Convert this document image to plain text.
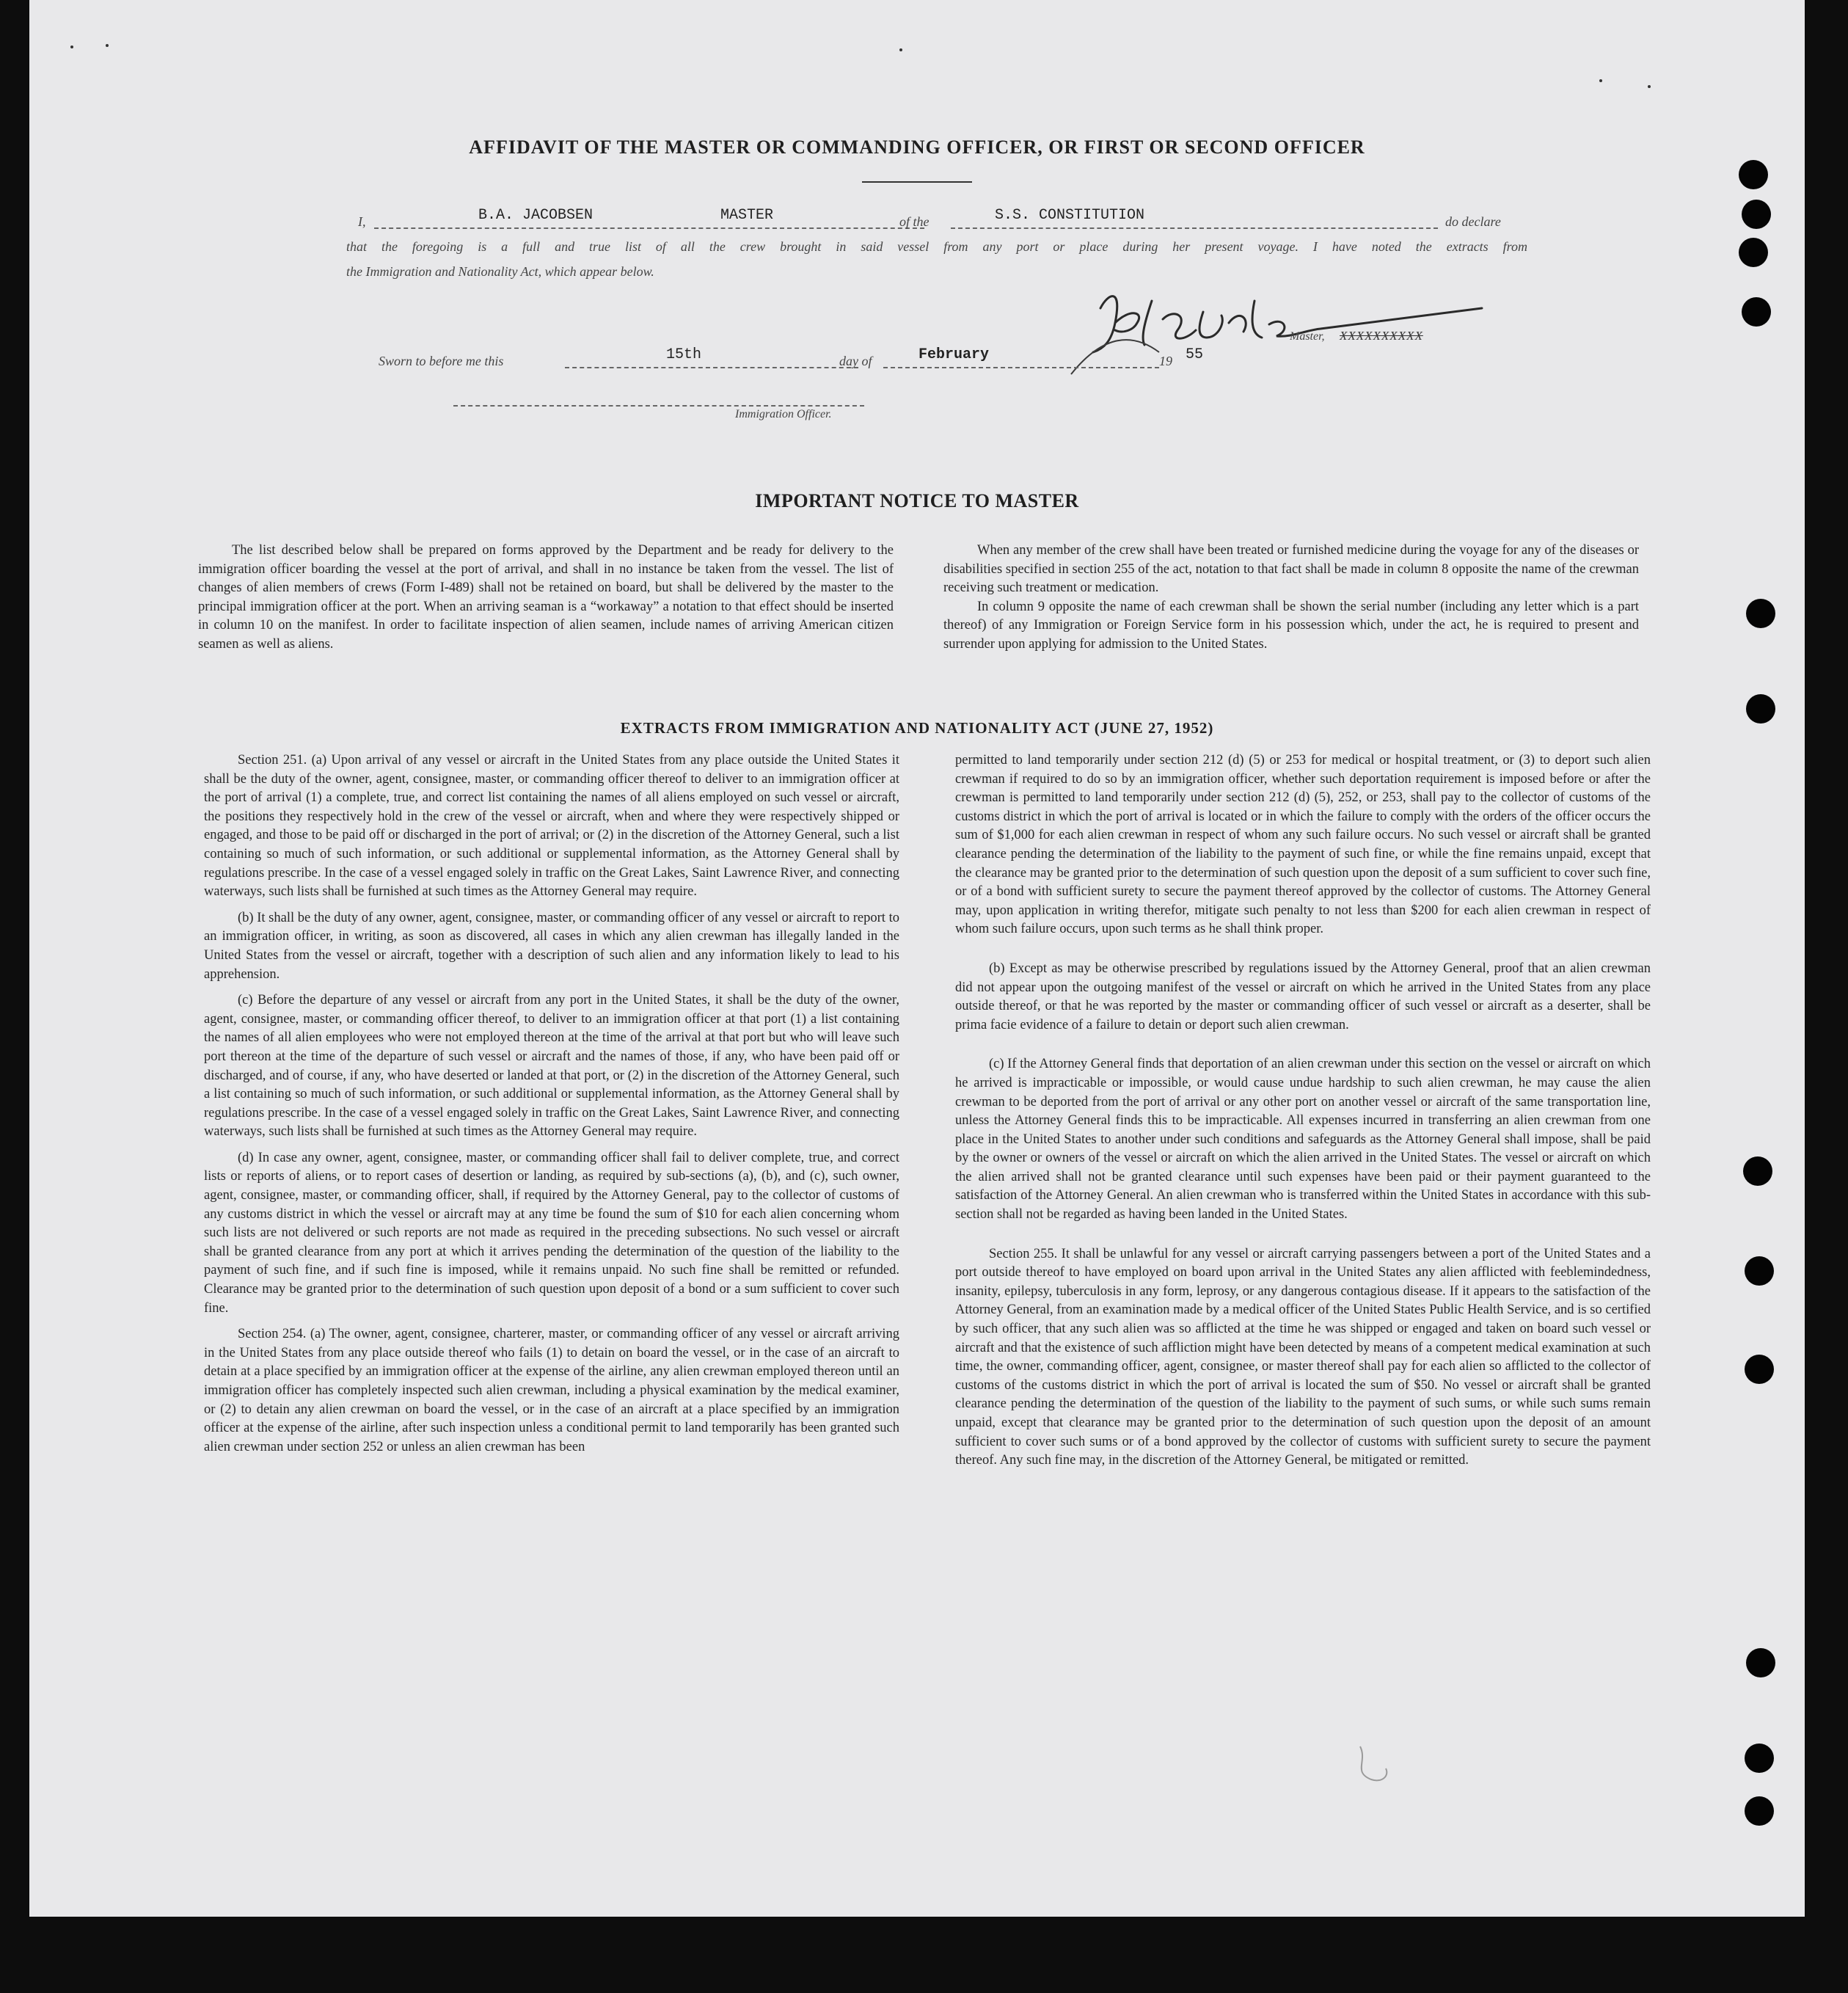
AFFIDAVIT OF THE MASTER OR COMMANDING OFFICER, OR FIRST OR SECOND OFFICER
I,	B.A. JACOBSEN	MASTER	of the	S.S. CONSTITUTION	do declare
that the foregoing is a full and true list of all the crew brought in said vessel from any port or place during her present voyage. I have noted the extracts from
the Immigration and Nationality Act, which appear below.
Master, XXXXXXXXXX
Sworn to before me this	15th	day of	February	19 55
Immigration Officer.
IMPORTANT NOTICE TO MASTER

The list described below shall be prepared on forms approved by the Department and be ready for delivery to the immigration officer boarding the vessel at the port of arrival, and shall in no instance be taken from the vessel. The list of changes of alien members of crews (Form I-489) shall not be retained on board, but shall be delivered by the master to the principal immigration officer at the port. When an arriving seaman is a “workaway” a notation to that effect should be inserted in column 10 on the manifest. In order to facilitate inspection of alien seamen, include names of arriving American citizen seamen as well as aliens.

When any member of the crew shall have been treated or furnished medicine during the voyage for any of the diseases or disabilities specified in section 255 of the act, notation to that fact shall be made in column 8 opposite the name of the crewman receiving such treatment or medication.

In column 9 opposite the name of each crewman shall be shown the serial number (including any letter which is a part thereof) of any Immigration or Foreign Service form in his possession which, under the act, he is required to present and surrender upon applying for admission to the United States.

EXTRACTS FROM IMMIGRATION AND NATIONALITY ACT (JUNE 27, 1952)

Section 251. (a) Upon arrival of any vessel or aircraft in the United States from any place outside the United States it shall be the duty of the owner, agent, consignee, master, or commanding officer thereof to deliver to an immigration officer at the port of arrival (1) a complete, true, and correct list containing the names of all aliens employed on such vessel or aircraft, the positions they respectively hold in the crew of the vessel or aircraft, when and where they were respectively shipped or engaged, and those to be paid off or discharged in the port of arrival; or (2) in the discretion of the Attorney General, such a list containing so much of such information, or such additional or supplemental information, as the Attorney General shall by regulations prescribe. In the case of a vessel engaged solely in traffic on the Great Lakes, Saint Lawrence River, and connecting waterways, such lists shall be furnished at such times as the Attorney General may require.

(b) It shall be the duty of any owner, agent, consignee, master, or commanding officer of any vessel or aircraft to report to an immigration officer, in writing, as soon as discovered, all cases in which any alien crewman has illegally landed in the United States from the vessel or aircraft, together with a description of such alien and any information likely to lead to his apprehension.

(c) Before the departure of any vessel or aircraft from any port in the United States, it shall be the duty of the owner, agent, consignee, master, or commanding officer thereof, to deliver to an immigration officer at that port (1) a list containing the names of all alien employees who were not employed thereon at the time of the arrival at that port but who will leave such port thereon at the time of the departure of such vessel or aircraft and the names of those, if any, who have been paid off or discharged, and of course, if any, who have deserted or landed at that port, or (2) in the discretion of the Attorney General, such a list containing so much of such information, or such additional or supplemental information, as the Attorney General shall by regulations prescribe. In the case of a vessel engaged solely in traffic on the Great Lakes, Saint Lawrence River, and connecting waterways, such lists shall be furnished at such times as the Attorney General may require.

(d) In case any owner, agent, consignee, master, or commanding officer shall fail to deliver complete, true, and correct lists or reports of aliens, or to report cases of desertion or landing, as required by sub-sections (a), (b), and (c), such owner, agent, consignee, master, or commanding officer, shall, if required by the Attorney General, pay to the collector of customs of any customs district in which the vessel or aircraft may at any time be found the sum of $10 for each alien concerning whom such lists are not delivered or such reports are not made as required in the preceding subsections. No such vessel or aircraft shall be granted clearance from any port at which it arrives pending the determination of the question of the liability to the payment of such fine, and if such fine is imposed, while it remains unpaid. No such fine shall be remitted or refunded. Clearance may be granted prior to the determination of such question upon deposit of a bond or a sum sufficient to cover such fine.

Section 254. (a) The owner, agent, consignee, charterer, master, or commanding officer of any vessel or aircraft arriving in the United States from any place outside thereof who fails (1) to detain on board the vessel, or in the case of an aircraft to detain at a place specified by an immigration officer at the expense of the airline, any alien crewman employed thereon until an immigration officer has completely inspected such alien crewman, including a physical examination by the medical examiner, or (2) to detain any alien crewman on board the vessel, or in the case of an aircraft at a place specified by an immigration officer at the expense of the airline, after such inspection unless a conditional permit to land temporarily has been granted such alien crewman under section 252 or unless an alien crewman has been

permitted to land temporarily under section 212 (d) (5) or 253 for medical or hospital treatment, or (3) to deport such alien crewman if required to do so by an immigration officer, whether such deportation requirement is imposed before or after the crewman is permitted to land temporarily under section 212 (d) (5), 252, or 253, shall pay to the collector of customs of the customs district in which the port of arrival is located or in which the failure to comply with the orders of the officer occurs the sum of $1,000 for each alien crewman in respect of whom any such failure occurs. No such vessel or aircraft shall be granted clearance pending the determination of the liability to the payment of such fine, or while the fine remains unpaid, except that the clearance may be granted prior to the determination of such question upon the deposit of a sum sufficient to cover such fine, or of a bond with sufficient surety to secure the payment thereof approved by the collector of customs. The Attorney General may, upon application in writing therefor, mitigate such penalty to not less than $200 for each alien crewman in respect of whom such failure occurs, upon such terms as he shall think proper.

(b) Except as may be otherwise prescribed by regulations issued by the Attorney General, proof that an alien crewman did not appear upon the outgoing manifest of the vessel or aircraft on which he arrived in the United States from any place outside thereof, or that he was reported by the master or commanding officer of such vessel or aircraft as a deserter, shall be prima facie evidence of a failure to detain or deport such alien crewman.

(c) If the Attorney General finds that deportation of an alien crewman under this section on the vessel or aircraft on which he arrived is impracticable or impossible, or would cause undue hardship to such alien crewman, he may cause the alien crewman to be deported from the port of arrival or any other port on another vessel or aircraft of the same transportation line, unless the Attorney General finds this to be impracticable. All expenses incurred in transferring an alien crewman from one place in the United States to another under such conditions and safeguards as the Attorney General shall impose, shall be paid by the owner or owners of the vessel or aircraft on which the alien arrived in the United States. The vessel or aircraft on which the alien arrived shall not be granted clearance until such expenses have been paid or their payment guaranteed to the satisfaction of the Attorney General. An alien crewman who is transferred within the United States in accordance with this sub-section shall not be regarded as having been landed in the United States.

Section 255. It shall be unlawful for any vessel or aircraft carrying passengers between a port of the United States and a port outside thereof to have employed on board upon arrival in the United States any alien afflicted with feeblemindedness, insanity, epilepsy, tuberculosis in any form, leprosy, or any dangerous contagious disease. If it appears to the satisfaction of the Attorney General, from an examination made by a medical officer of the United States Public Health Service, and is so certified by such officer, that any such alien was so afflicted at the time he was shipped or engaged and taken on board such vessel or aircraft and that the existence of such affliction might have been detected by means of a competent medical examination at such time, the owner, commanding officer, agent, consignee, or master thereof shall pay for each alien so afflicted to the collector of customs of the customs district in which the port of arrival is located the sum of $50. No vessel or aircraft shall be granted clearance pending the determination of the question of the liability to the payment of such sums, or while such sums remain unpaid, except that clearance may be granted prior to the determination of such question upon the deposit of an amount sufficient to cover such sums or of a bond approved by the collector of customs with sufficient surety to secure the payment thereof. Any such fine may, in the discretion of the Attorney General, be mitigated or remitted.
